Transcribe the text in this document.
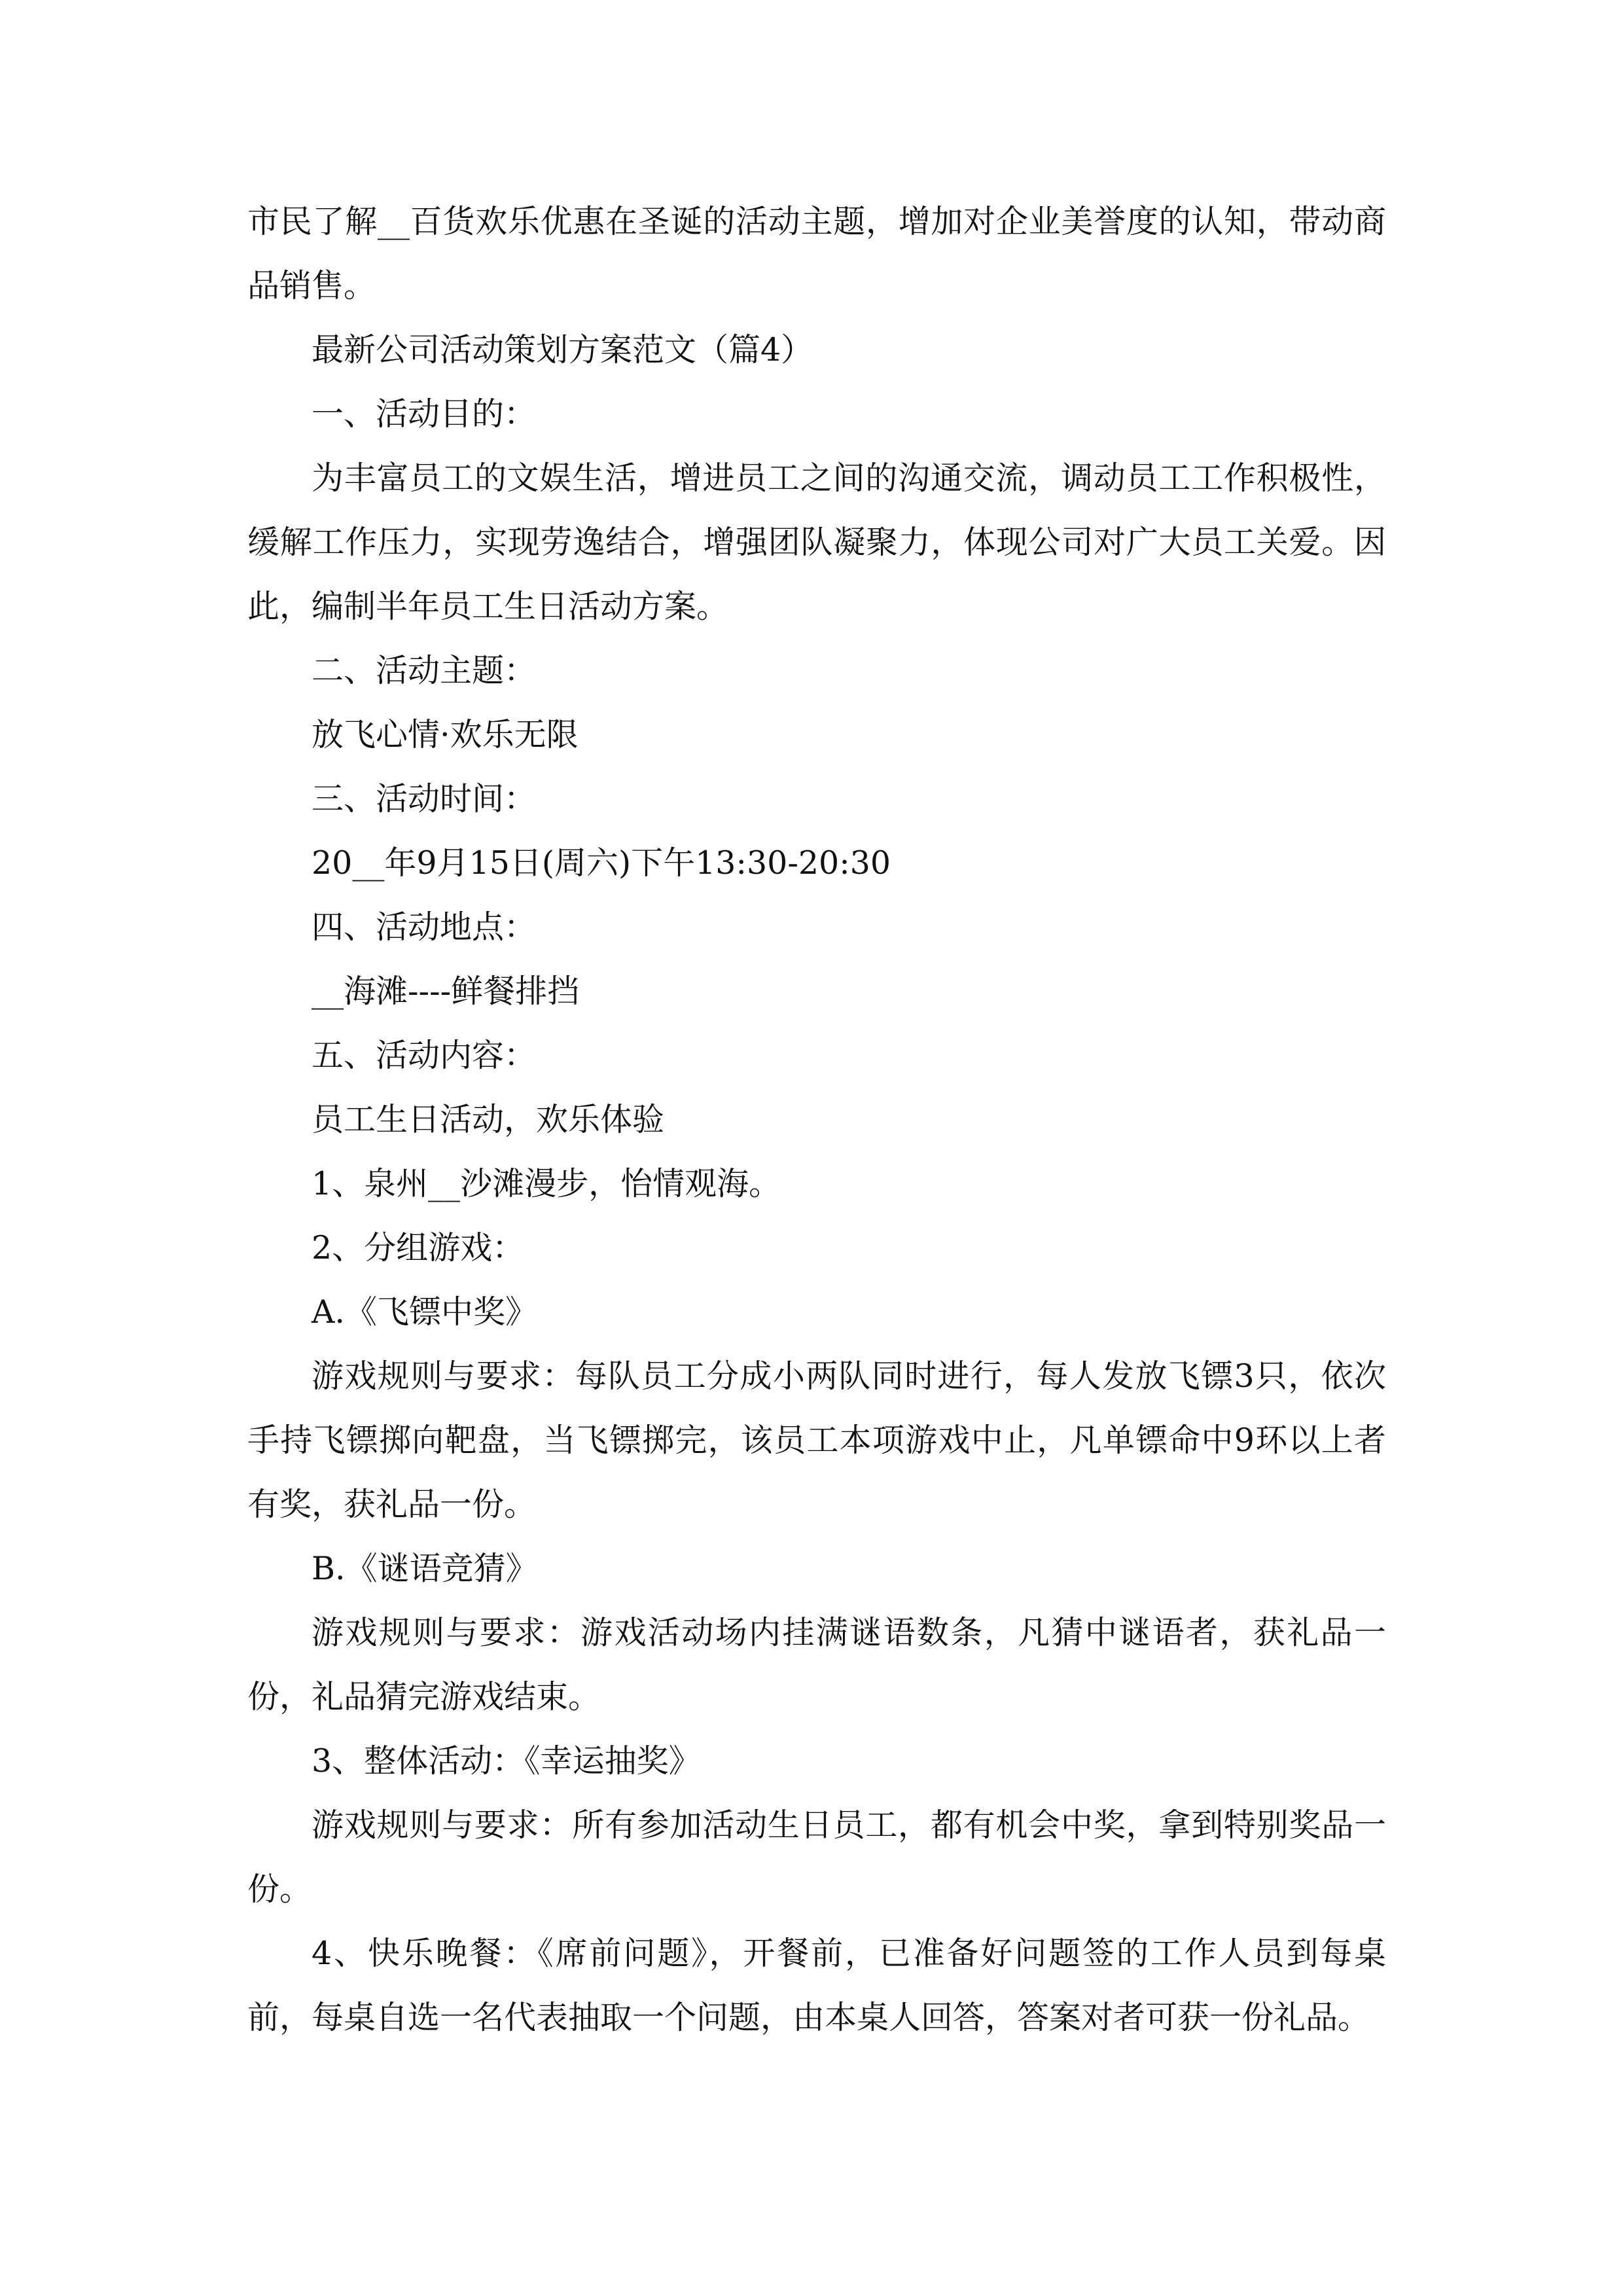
市民了解__百货欢乐优惠在圣诞的活动主题，增加对企业美誉度的认知，带动商品销售。

最新公司活动策划方案范文（篇4）

一、活动目的：

为丰富员工的文娱生活，增进员工之间的沟通交流，调动员工工作积极性，缓解工作压力，实现劳逸结合，增强团队凝聚力，体现公司对广大员工关爱。因此，编制半年员工生日活动方案。

二、活动主题：

放飞心情·欢乐无限

三、活动时间：

20__年9月15日(周六)下午13:30-20:30

四、活动地点：

__海滩----鲜餐排挡

五、活动内容：

员工生日活动，欢乐体验

1、泉州__沙滩漫步，怡情观海。

2、分组游戏：

A.《飞镖中奖》

游戏规则与要求：每队员工分成小两队同时进行，每人发放飞镖3只，依次手持飞镖掷向靶盘，当飞镖掷完，该员工本项游戏中止，凡单镖命中9环以上者有奖，获礼品一份。

B.《谜语竞猜》

游戏规则与要求：游戏活动场内挂满谜语数条，凡猜中谜语者，获礼品一份，礼品猜完游戏结束。

3、整体活动：《幸运抽奖》

游戏规则与要求：所有参加活动生日员工，都有机会中奖，拿到特别奖品一份。

4、快乐晚餐：《席前问题》，开餐前，已准备好问题签的工作人员到每桌前，每桌自选一名代表抽取一个问题，由本桌人回答，答案对者可获一份礼品。
